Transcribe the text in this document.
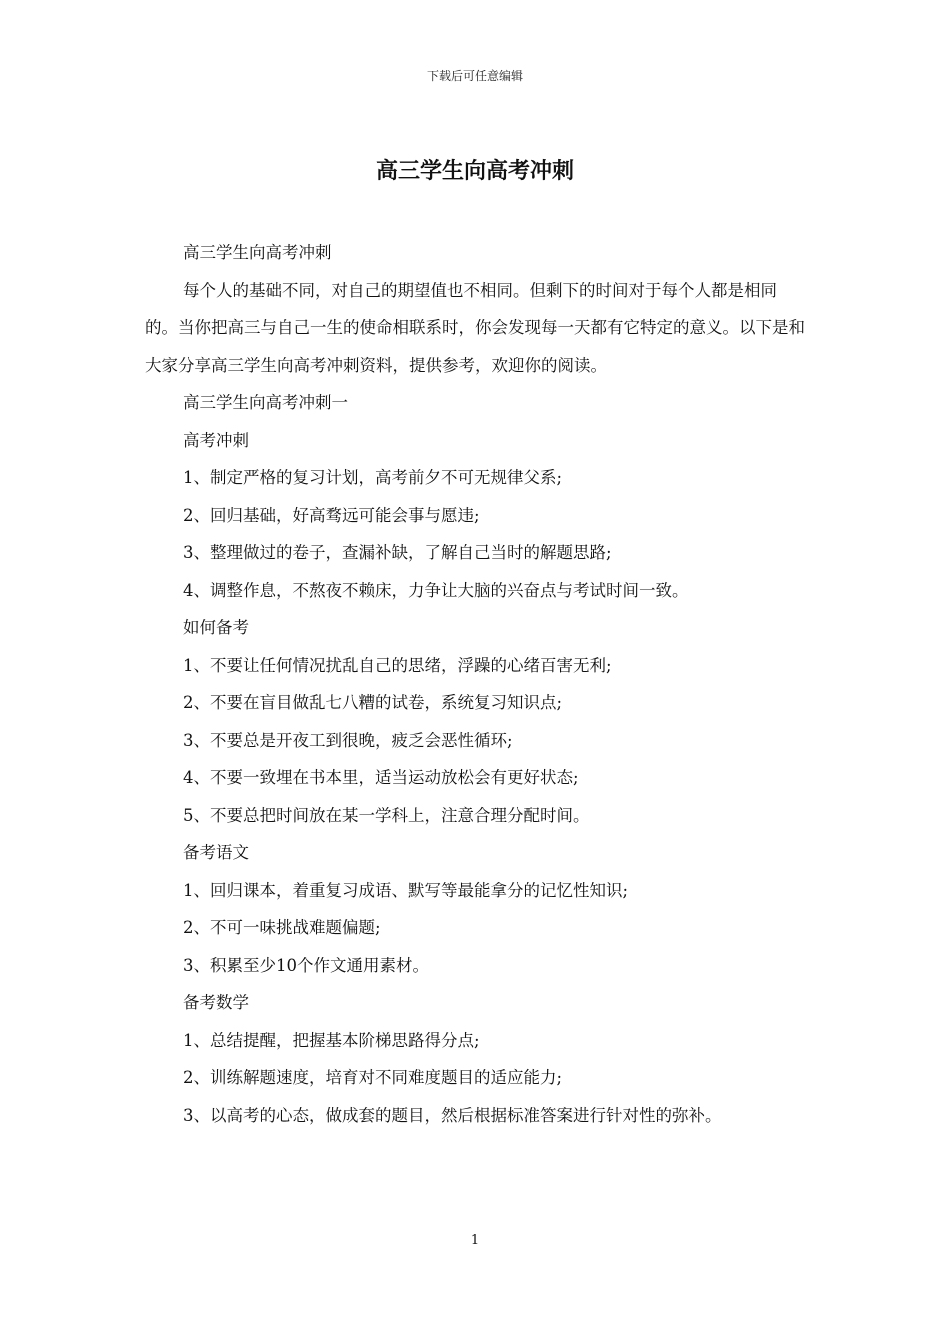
下载后可任意编辑
高三学生向高考冲刺

高三学生向高考冲刺

每个人的基础不同，对自己的期望值也不相同。但剩下的时间对于每个人都是相同的。当你把高三与自己一生的使命相联系时，你会发现每一天都有它特定的意义。以下是和大家分享高三学生向高考冲刺资料，提供参考，欢迎你的阅读。

高三学生向高考冲刺一

高考冲刺

1、制定严格的复习计划，高考前夕不可无规律父系;

2、回归基础，好高骛远可能会事与愿违;

3、整理做过的卷子，查漏补缺，了解自己当时的解题思路;

4、调整作息，不熬夜不赖床，力争让大脑的兴奋点与考试时间一致。

如何备考

1、不要让任何情况扰乱自己的思绪，浮躁的心绪百害无利;

2、不要在盲目做乱七八糟的试卷，系统复习知识点;

3、不要总是开夜工到很晚，疲乏会恶性循环;

4、不要一致埋在书本里，适当运动放松会有更好状态;

5、不要总把时间放在某一学科上，注意合理分配时间。

备考语文

1、回归课本，着重复习成语、默写等最能拿分的记忆性知识;

2、不可一味挑战难题偏题;

3、积累至少10个作文通用素材。

备考数学

1、总结提醒，把握基本阶梯思路得分点;

2、训练解题速度，培育对不同难度题目的适应能力;

3、以高考的心态，做成套的题目，然后根据标准答案进行针对性的弥补。

1
